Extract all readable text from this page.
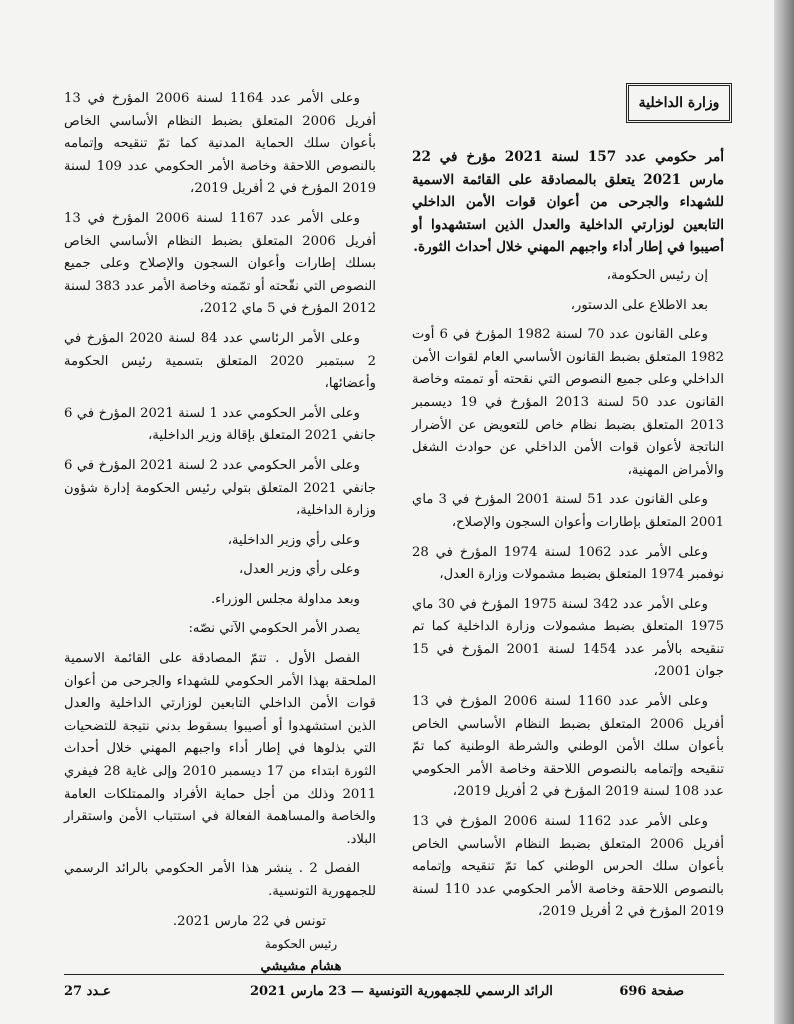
وزارة الداخلية

أمر حكومي عدد 157 لسنة 2021 مؤرخ في 22 مارس 2021 يتعلق بالمصادقة على القائمة الاسمية للشهداء والجرحى من أعوان قوات الأمن الداخلي التابعين لوزارتي الداخلية والعدل الذين استشهدوا أو أصيبوا في إطار أداء واجبهم المهني خلال أحداث الثورة.

إن رئيس الحكومة،

بعد الاطلاع على الدستور،

وعلى القانون عدد 70 لسنة 1982 المؤرخ في 6 أوت 1982 المتعلق بضبط القانون الأساسي العام لقوات الأمن الداخلي وعلى جميع النصوص التي نقحته أو تممته وخاصة القانون عدد 50 لسنة 2013 المؤرخ في 19 ديسمبر 2013 المتعلق بضبط نظام خاص للتعويض عن الأضرار الناتجة لأعوان قوات الأمن الداخلي عن حوادث الشغل والأمراض المهنية،

وعلى القانون عدد 51 لسنة 2001 المؤرخ في 3 ماي 2001 المتعلق بإطارات وأعوان السجون والإصلاح،

وعلى الأمر عدد 1062 لسنة 1974 المؤرخ في 28 نوفمبر 1974 المتعلق بضبط مشمولات وزارة العدل،

وعلى الأمر عدد 342 لسنة 1975 المؤرخ في 30 ماي 1975 المتعلق بضبط مشمولات وزارة الداخلية كما تم تنقيحه بالأمر عدد 1454 لسنة 2001 المؤرخ في 15 جوان 2001،

وعلى الأمر عدد 1160 لسنة 2006 المؤرخ في 13 أفريل 2006 المتعلق بضبط النظام الأساسي الخاص بأعوان سلك الأمن الوطني والشرطة الوطنية كما تمّ تنقيحه وإتمامه بالنصوص اللاحقة وخاصة الأمر الحكومي عدد 108 لسنة 2019 المؤرخ في 2 أفريل 2019،

وعلى الأمر عدد 1162 لسنة 2006 المؤرخ في 13 أفريل 2006 المتعلق بضبط النظام الأساسي الخاص بأعوان سلك الحرس الوطني كما تمّ تنقيحه وإتمامه بالنصوص اللاحقة وخاصة الأمر الحكومي عدد 110 لسنة 2019 المؤرخ في 2 أفريل 2019،

وعلى الأمر عدد 1164 لسنة 2006 المؤرخ في 13 أفريل 2006 المتعلق بضبط النظام الأساسي الخاص بأعوان سلك الحماية المدنية كما تمّ تنقيحه وإتمامه بالنصوص اللاحقة وخاصة الأمر الحكومي عدد 109 لسنة 2019 المؤرخ في 2 أفريل 2019،

وعلى الأمر عدد 1167 لسنة 2006 المؤرخ في 13 أفريل 2006 المتعلق بضبط النظام الأساسي الخاص بسلك إطارات وأعوان السجون والإصلاح وعلى جميع النصوص التي نقّحته أو تمّمته وخاصة الأمر عدد 383 لسنة 2012 المؤرخ في 5 ماي 2012،

وعلى الأمر الرئاسي عدد 84 لسنة 2020 المؤرخ في 2 سبتمبر 2020 المتعلق بتسمية رئيس الحكومة وأعضائها،

وعلى الأمر الحكومي عدد 1 لسنة 2021 المؤرخ في 6 جانفي 2021 المتعلق بإقالة وزير الداخلية،

وعلى الأمر الحكومي عدد 2 لسنة 2021 المؤرخ في 6 جانفي 2021 المتعلق بتولي رئيس الحكومة إدارة شؤون وزارة الداخلية،

وعلى رأي وزير الداخلية،

وعلى رأي وزير العدل،

وبعد مداولة مجلس الوزراء.

يصدر الأمر الحكومي الآتي نصّه:

الفصل الأول . تتمّ المصادقة على القائمة الاسمية الملحقة بهذا الأمر الحكومي للشهداء والجرحى من أعوان قوات الأمن الداخلي التابعين لوزارتي الداخلية والعدل الذين استشهدوا أو أصيبوا بسقوط بدني نتيجة للتضحيات التي بذلوها في إطار أداء واجبهم المهني خلال أحداث الثورة ابتداء من 17 ديسمبر 2010 وإلى غاية 28 فيفري 2011 وذلك من أجل حماية الأفراد والممتلكات العامة والخاصة والمساهمة الفعالة في استتباب الأمن واستقرار البلاد.

الفصل 2 . ينشر هذا الأمر الحكومي بالرائد الرسمي للجمهورية التونسية.

تونس في 22 مارس 2021.

رئيس الحكومة

هشام مشيشي

صفحة 696
الرائد الرسمي للجمهورية التونسية — 23 مارس 2021
عـدد 27
